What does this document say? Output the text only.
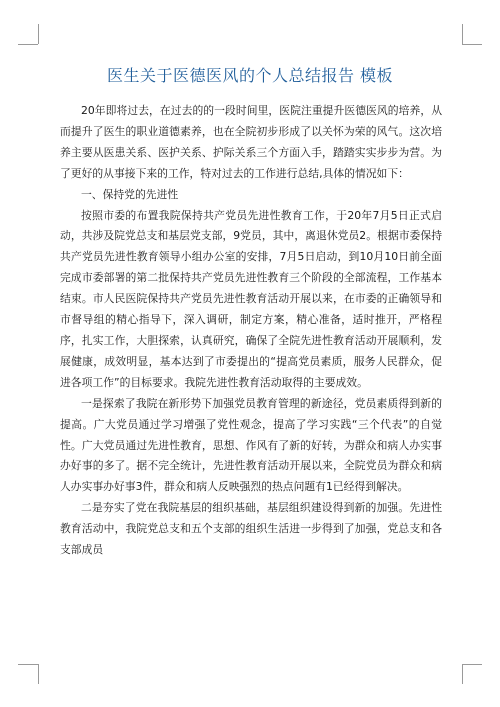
医生关于医德医风的个人总结报告 模板

20年即将过去，在过去的的一段时间里，医院注重提升医德医风的培养，从而提升了医生的职业道德素养，也在全院初步形成了以关怀为荣的风气。这次培养主要从医患关系、医护关系、护际关系三个方面入手，踏踏实实步步为营。为了更好的从事接下来的工作，特对过去的工作进行总结,具体的情况如下：

一、保持党的先进性

按照市委的布置我院保持共产党员先进性教育工作，于20年7月5日正式启动，共涉及院党总支和基层党支部，9党员，其中，离退休党员2。根据市委保持共产党员先进性教育领导小组办公室的安排，7月5日启动，到10月10日前全面完成市委部署的第二批保持共产党员先进性教育三个阶段的全部流程，工作基本结束。市人民医院保持共产党员先进性教育活动开展以来，在市委的正确领导和市督导组的精心指导下，深入调研，制定方案，精心准备，适时推开，严格程序，扎实工作，大胆探索，认真研究，确保了全院先进性教育活动开展顺利，发展健康，成效明显，基本达到了市委提出的“提高党员素质，服务人民群众，促进各项工作”的目标要求。我院先进性教育活动取得的主要成效。

一是探索了我院在新形势下加强党员教育管理的新途径，党员素质得到新的提高。广大党员通过学习增强了党性观念，提高了学习实践“三个代表”的自觉性。广大党员通过先进性教育，思想、作风有了新的好转，为群众和病人办实事办好事的多了。据不完全统计，先进性教育活动开展以来，全院党员为群众和病人办实事办好事3件，群众和病人反映强烈的热点问题有1已经得到解决。

二是夯实了党在我院基层的组织基础，基层组织建设得到新的加强。先进性教育活动中，我院党总支和五个支部的组织生活进一步得到了加强，党总支和各支部成员
